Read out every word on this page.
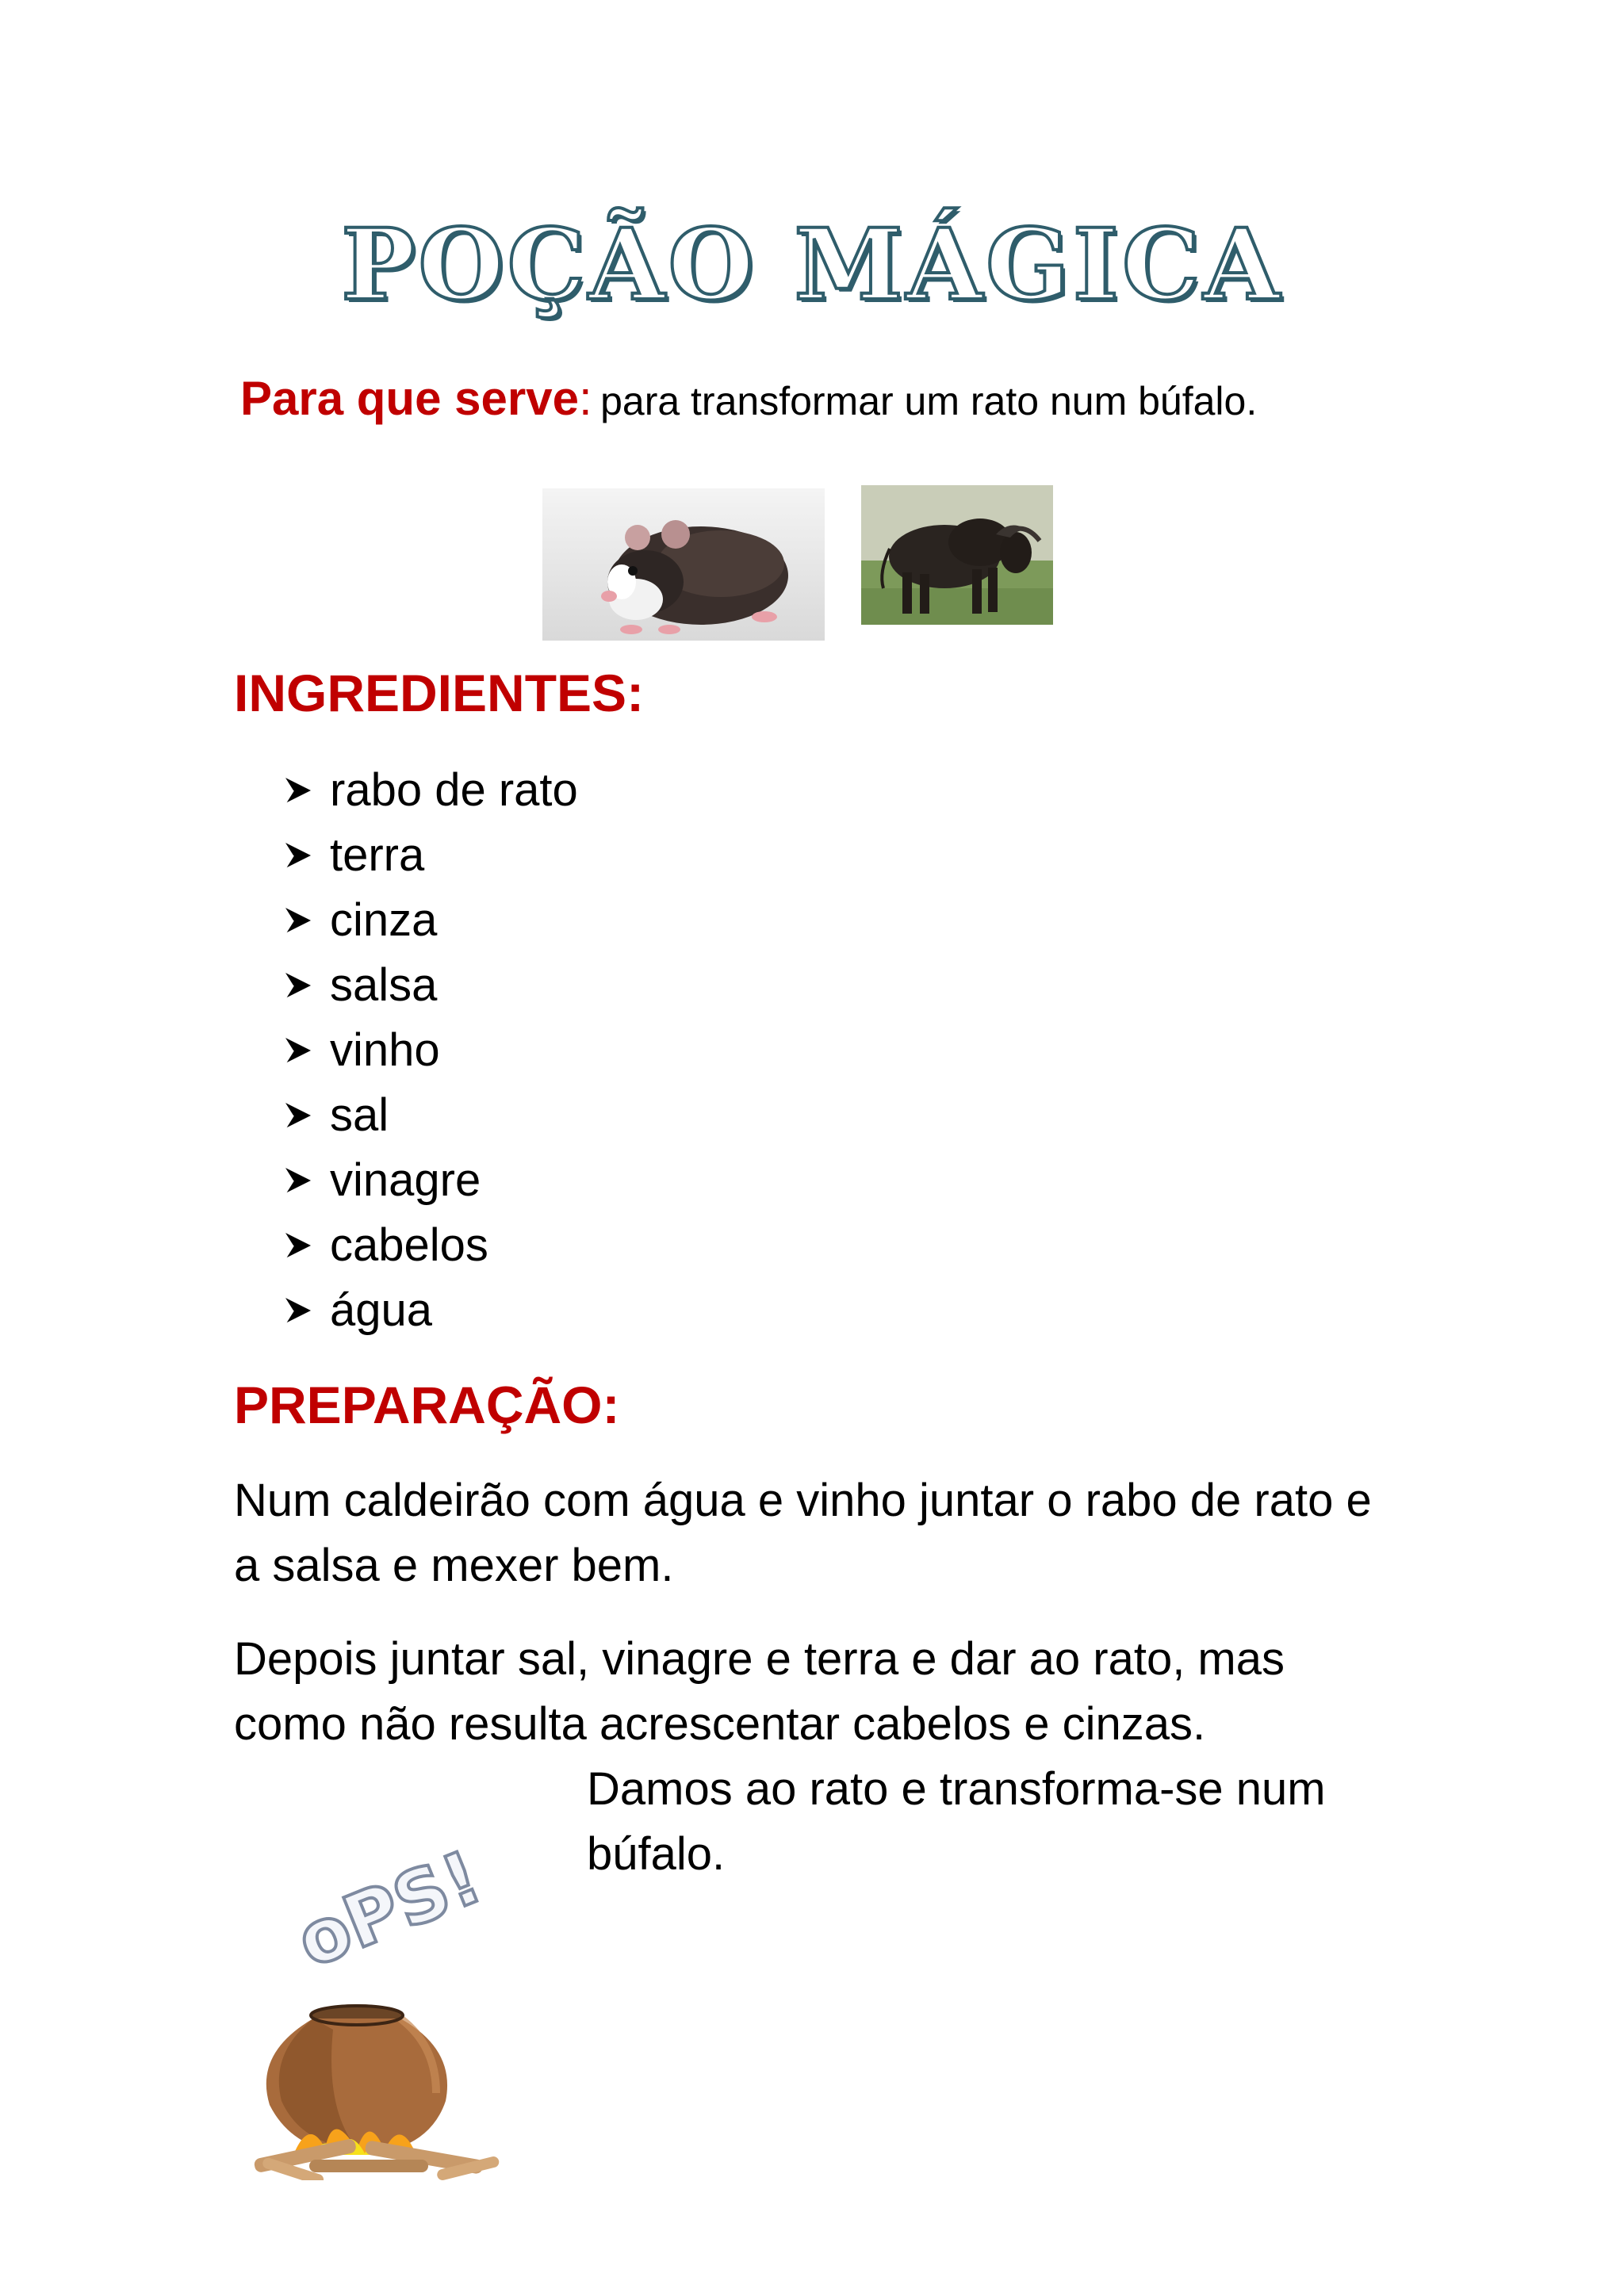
POÇÃO MÁGICA
Para que serve: para transformar um rato num búfalo.
INGREDIENTES:
rabo de rato
terra
cinza
salsa
vinho
sal
vinagre
cabelos
água
PREPARAÇÃO:

Num caldeirão com água e vinho juntar o rabo de rato e a salsa e mexer bem.

Depois juntar sal, vinagre e terra e dar ao rato, mas como não resulta acrescentar cabelos e cinzas.

Damos ao rato e transforma-se num búfalo.

oPS!
